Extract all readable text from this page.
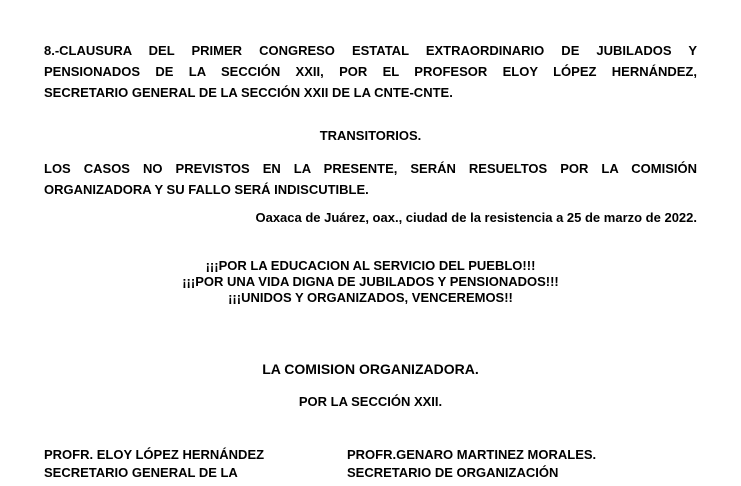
8.-CLAUSURA DEL PRIMER CONGRESO ESTATAL EXTRAORDINARIO DE JUBILADOS Y
PENSIONADOS DE LA SECCIÓN XXII, POR EL PROFESOR ELOY LÓPEZ HERNÁNDEZ,
SECRETARIO GENERAL DE LA SECCIÓN XXII DE LA CNTE-CNTE.
TRANSITORIOS.
LOS CASOS NO PREVISTOS EN LA PRESENTE, SERÁN RESUELTOS POR LA COMISIÓN
ORGANIZADORA Y SU FALLO SERÁ INDISCUTIBLE.
Oaxaca de Juárez, oax., ciudad de la resistencia a 25 de marzo de 2022.
¡¡¡POR LA EDUCACION AL SERVICIO DEL PUEBLO!!!
¡¡¡POR UNA VIDA DIGNA DE JUBILADOS Y PENSIONADOS!!!
¡¡¡UNIDOS Y ORGANIZADOS, VENCEREMOS!!
LA COMISION ORGANIZADORA.
POR LA SECCIÓN XXII.
PROFR. ELOY LÓPEZ HERNÁNDEZ
SECRETARIO GENERAL DE LA
PROFR.GENARO MARTINEZ MORALES.
SECRETARIO DE ORGANIZACIÓN
